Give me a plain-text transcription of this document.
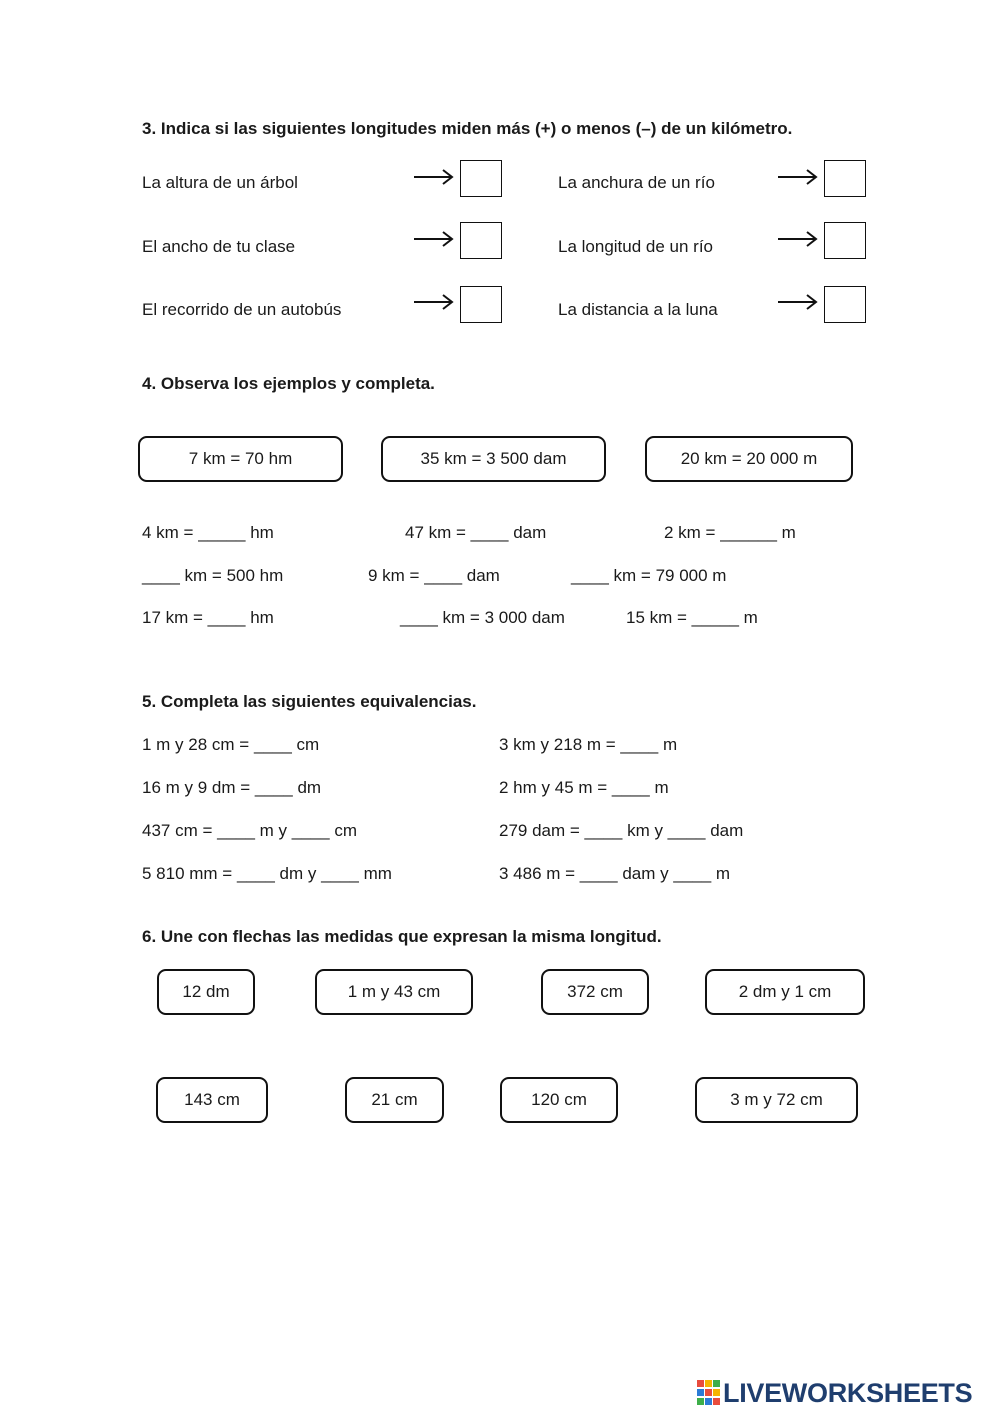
3. Indica si las siguientes longitudes miden más (+) o menos (–) de un kilómetro.
La altura de un árbol
El ancho de tu clase
El recorrido de un autobús
La anchura de un río
La longitud de un río
La distancia a la luna
4. Observa los ejemplos y completa.
7 km = 70 hm	35 km = 3 500 dam	20 km = 20 000 m
4 km = _____ hm	47 km = ____ dam	2 km = ______ m
____ km = 500 hm	9 km = ____ dam	____ km = 79 000 m
17 km = ____ hm	____ km = 3 000 dam	15 km = _____ m
5. Completa las siguientes equivalencias.
1 m y 28 cm = ____ cm
16 m y 9 dm = ____ dm
437 cm = ____ m y ____ cm
5 810 mm = ____ dm y ____ mm
3 km y 218 m = ____ m
2 hm y 45 m = ____ m
279 dam = ____ km y ____ dam
3 486 m = ____ dam y ____ m
6. Une con flechas las medidas que expresan la misma longitud.
12 dm	1 m y 43 cm	372 cm	2 dm y 1 cm
143 cm	21 cm	120 cm	3 m y 72 cm
LIVEWORKSHEETS
